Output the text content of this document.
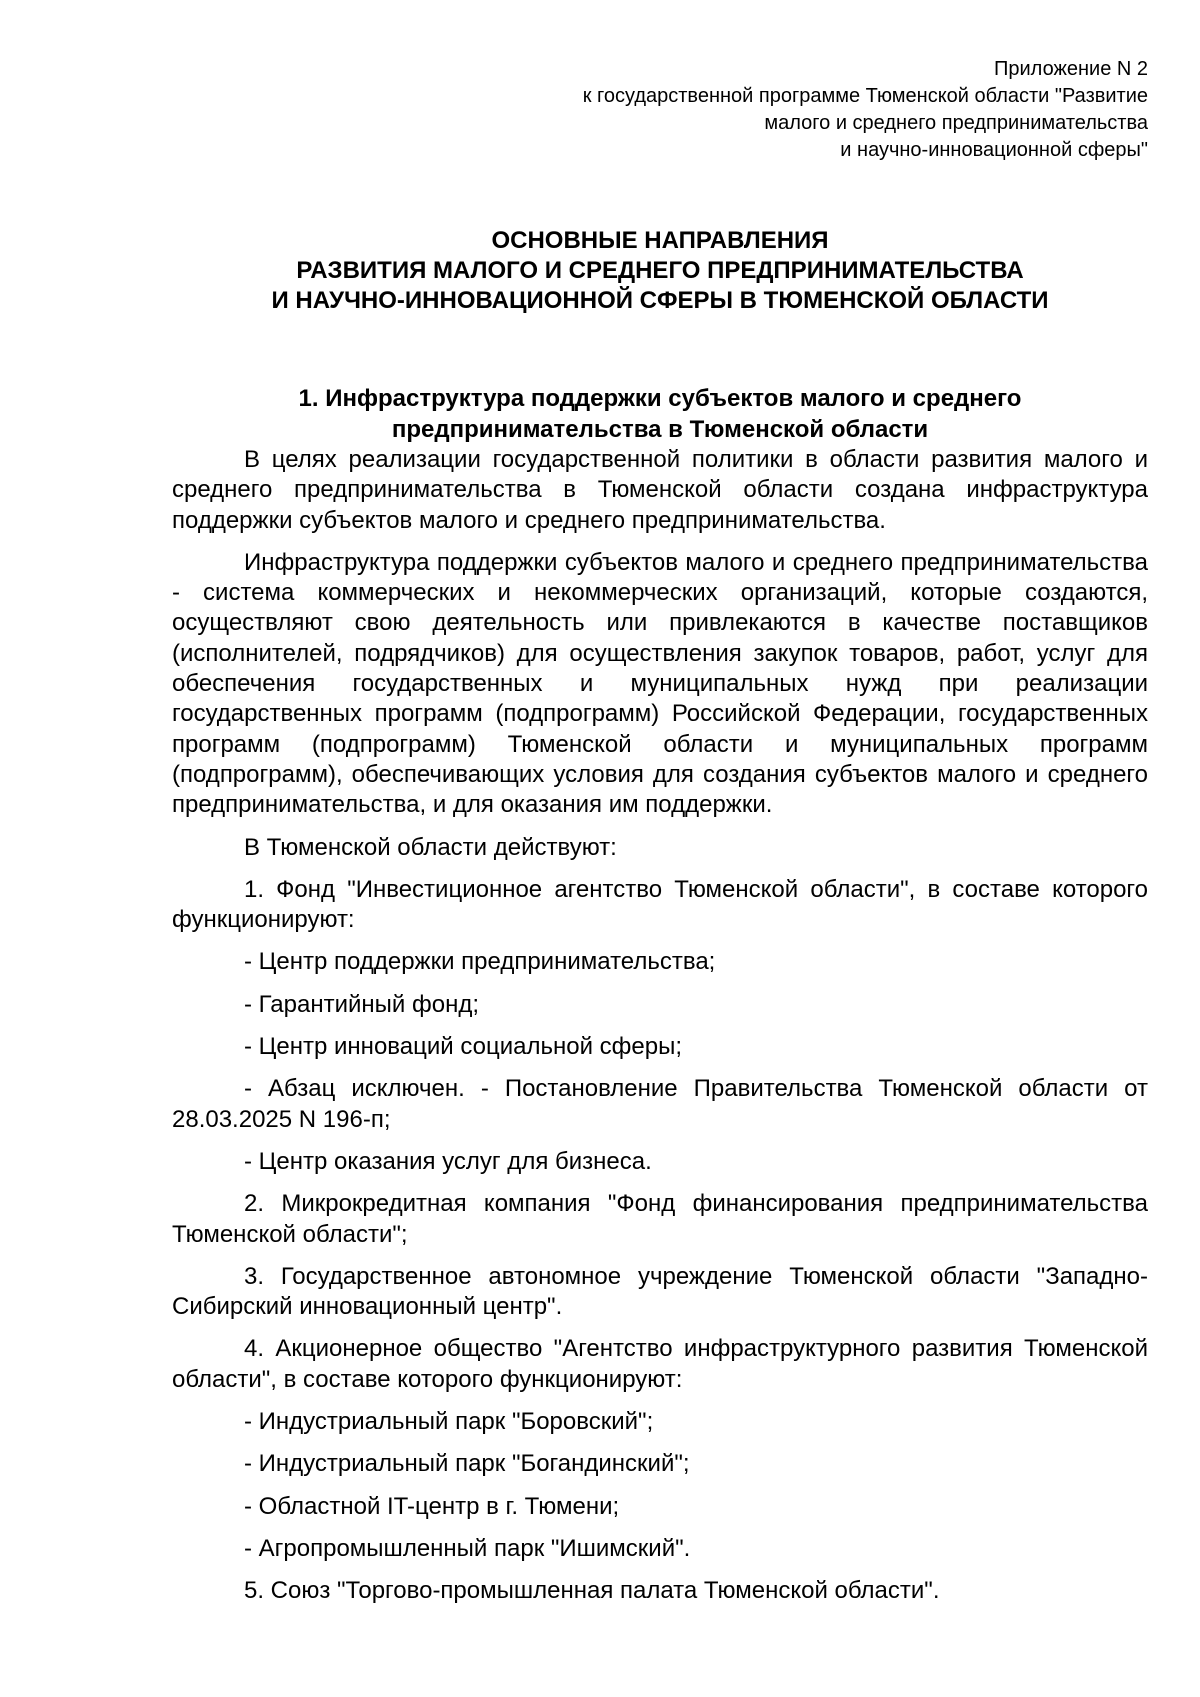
Приложение N 2
к государственной программе Тюменской области "Развитие
малого и среднего предпринимательства
и научно-инновационной сферы"
ОСНОВНЫЕ НАПРАВЛЕНИЯ
РАЗВИТИЯ МАЛОГО И СРЕДНЕГО ПРЕДПРИНИМАТЕЛЬСТВА
И НАУЧНО-ИННОВАЦИОННОЙ СФЕРЫ В ТЮМЕНСКОЙ ОБЛАСТИ
1. Инфраструктура поддержки субъектов малого и среднего
предпринимательства в Тюменской области

В целях реализации государственной политики в области развития малого и среднего предпринимательства в Тюменской области создана инфраструктура поддержки субъектов малого и среднего предпринимательства.

Инфраструктура поддержки субъектов малого и среднего предпринимательства - система коммерческих и некоммерческих организаций, которые создаются, осуществляют свою деятельность или привлекаются в качестве поставщиков (исполнителей, подрядчиков) для осуществления закупок товаров, работ, услуг для обеспечения государственных и муниципальных нужд при реализации государственных программ (подпрограмм) Российской Федерации, государственных программ (подпрограмм) Тюменской области и муниципальных программ (подпрограмм), обеспечивающих условия для создания субъектов малого и среднего предпринимательства, и для оказания им поддержки.

В Тюменской области действуют:

1. Фонд "Инвестиционное агентство Тюменской области", в составе которого функционируют:

- Центр поддержки предпринимательства;

- Гарантийный фонд;

- Центр инноваций социальной сферы;

- Абзац исключен. - Постановление Правительства Тюменской области от 28.03.2025 N 196-п;

- Центр оказания услуг для бизнеса.

2. Микрокредитная компания "Фонд финансирования предпринимательства Тюменской области";

3. Государственное автономное учреждение Тюменской области "Западно-Сибирский инновационный центр".

4. Акционерное общество "Агентство инфраструктурного развития Тюменской области", в составе которого функционируют:

- Индустриальный парк "Боровский";

- Индустриальный парк "Богандинский";

- Областной IT-центр в г. Тюмени;

- Агропромышленный парк "Ишимский".

5. Союз "Торгово-промышленная палата Тюменской области".
